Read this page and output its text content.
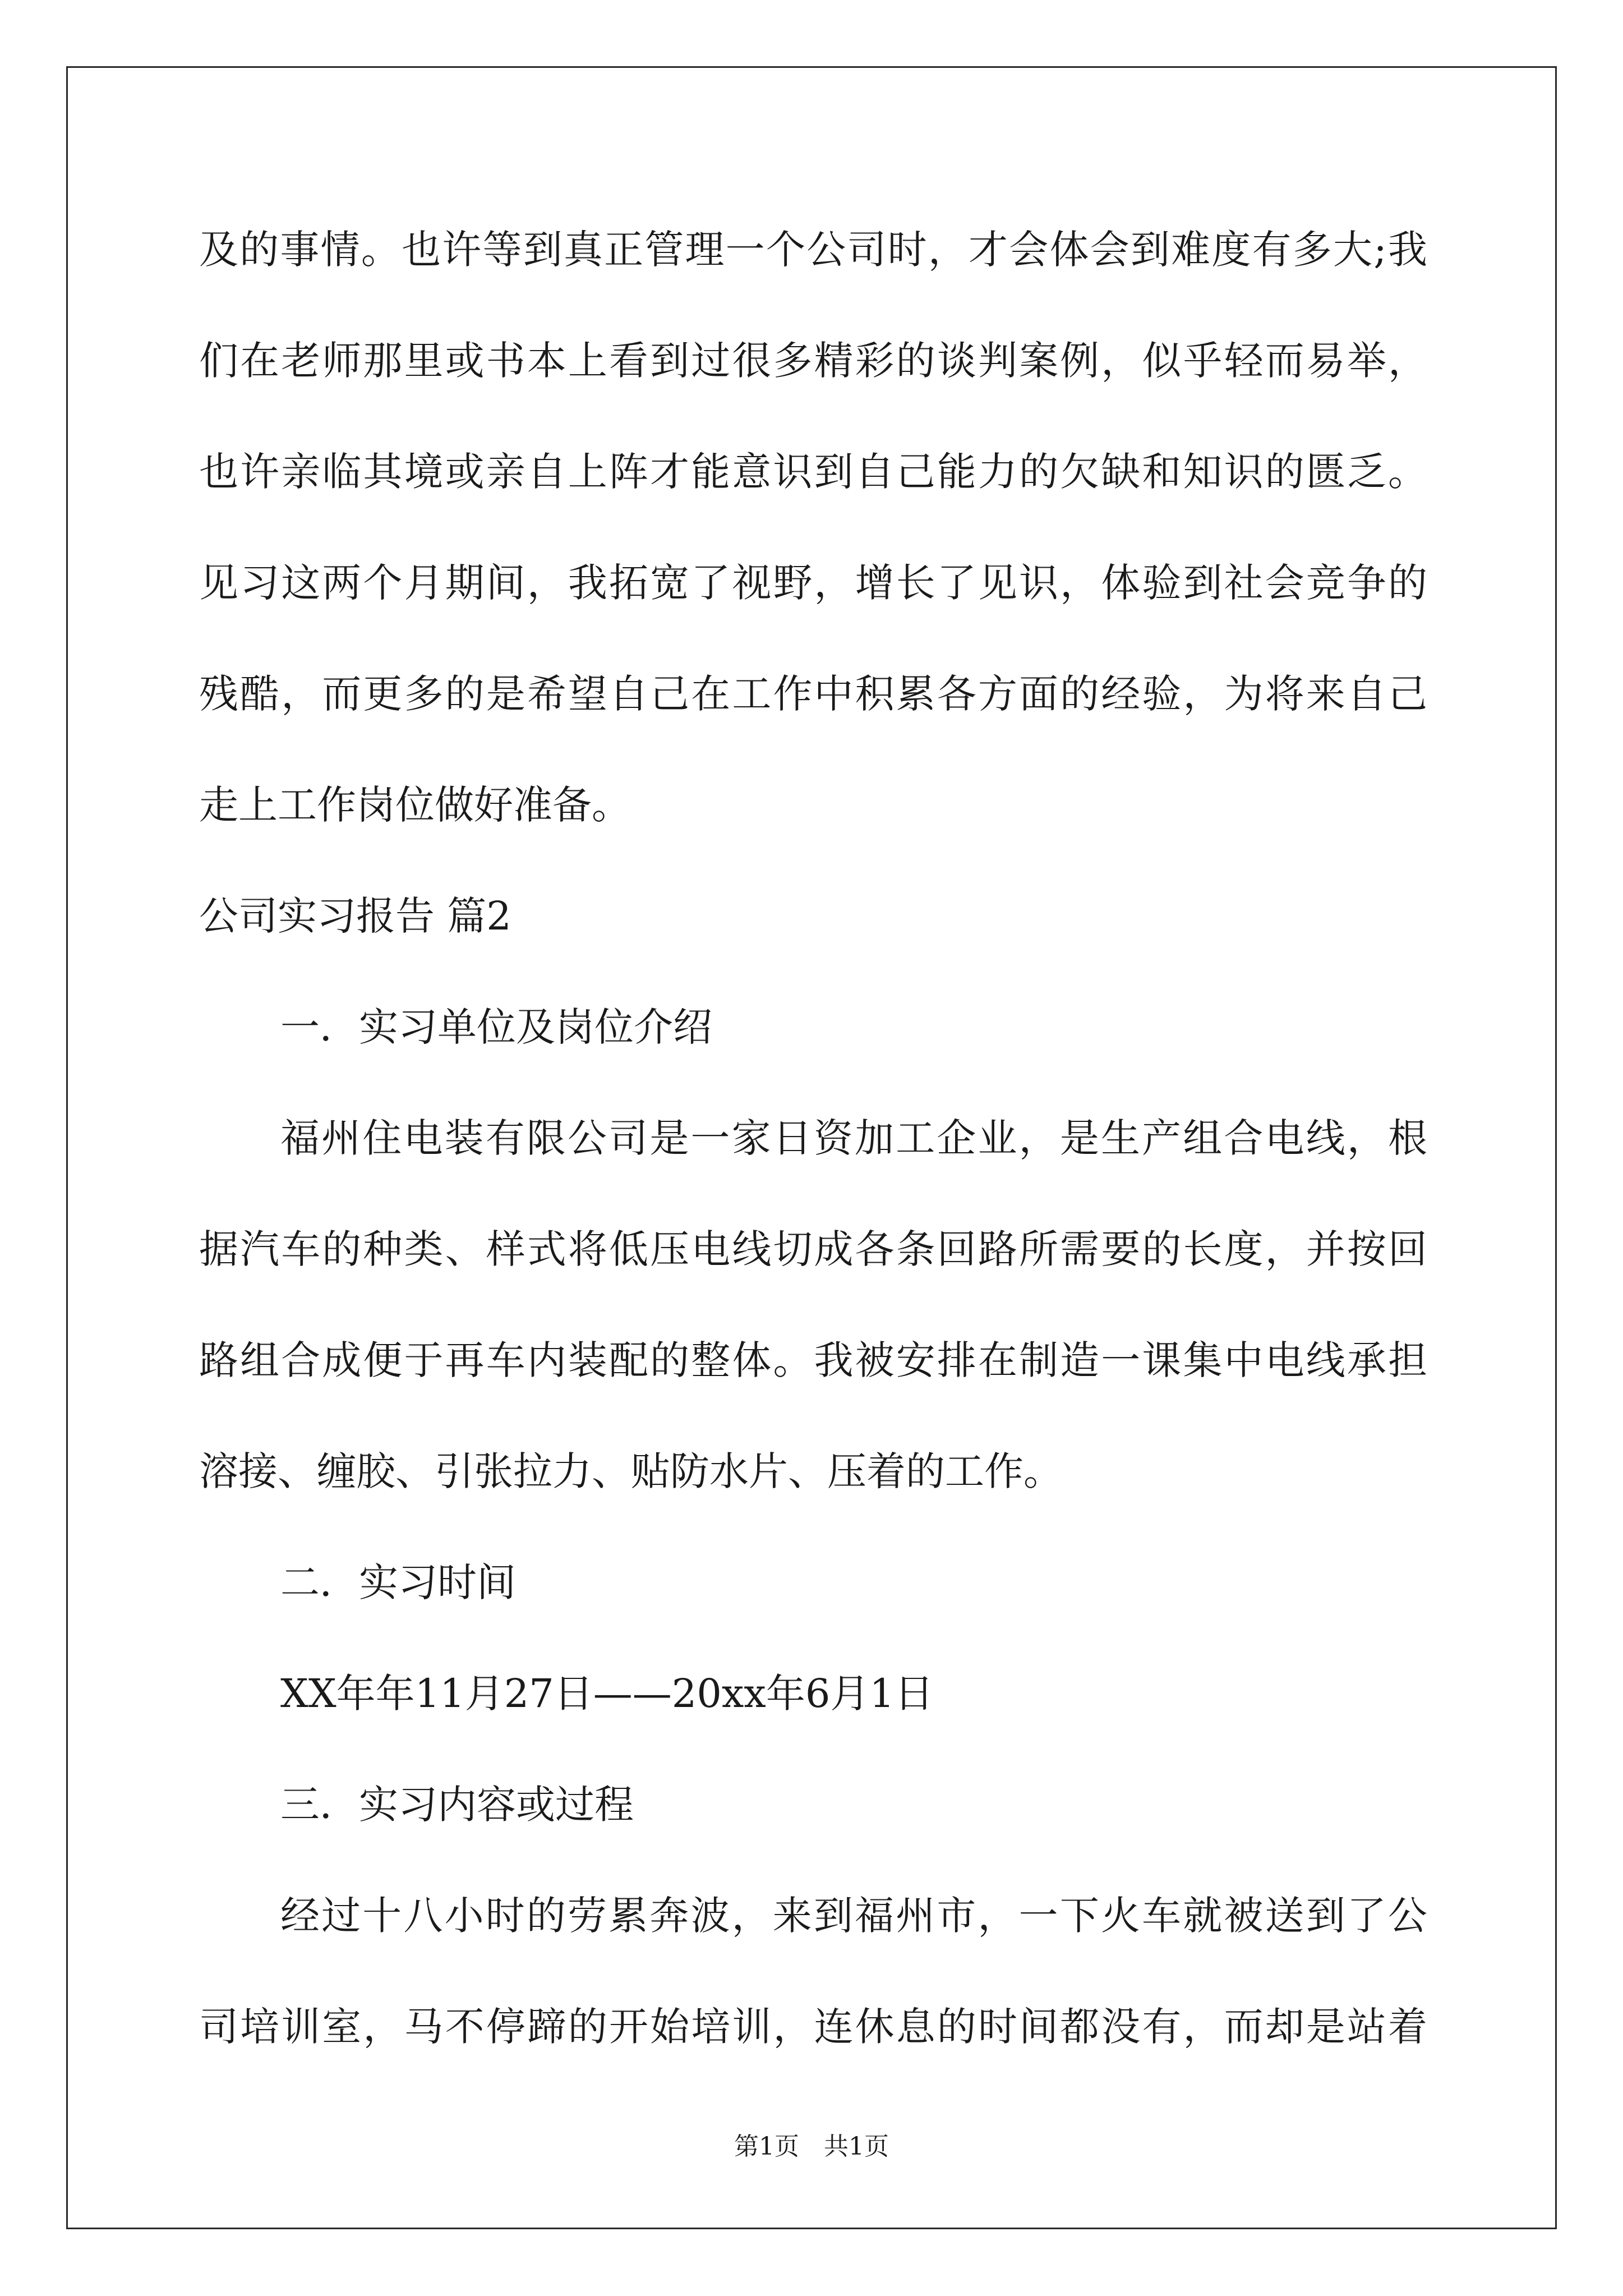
及的事情。也许等到真正管理一个公司时，才会体会到难度有多大;我

们在老师那里或书本上看到过很多精彩的谈判案例，似乎轻而易举，

也许亲临其境或亲自上阵才能意识到自己能力的欠缺和知识的匮乏。

见习这两个月期间，我拓宽了视野，增长了见识，体验到社会竞争的

残酷，而更多的是希望自己在工作中积累各方面的经验，为将来自己

走上工作岗位做好准备。

公司实习报告 篇2

一．实习单位及岗位介绍

福州住电装有限公司是一家日资加工企业，是生产组合电线，根

据汽车的种类、样式将低压电线切成各条回路所需要的长度，并按回

路组合成便于再车内装配的整体。我被安排在制造一课集中电线承担

溶接、缠胶、引张拉力、贴防水片、压着的工作。

二．实习时间

XX年年11月27日——20xx年6月1日

三．实习内容或过程

经过十八小时的劳累奔波，来到福州市，一下火车就被送到了公

司培训室，马不停蹄的开始培训，连休息的时间都没有，而却是站着

第1页 共1页
